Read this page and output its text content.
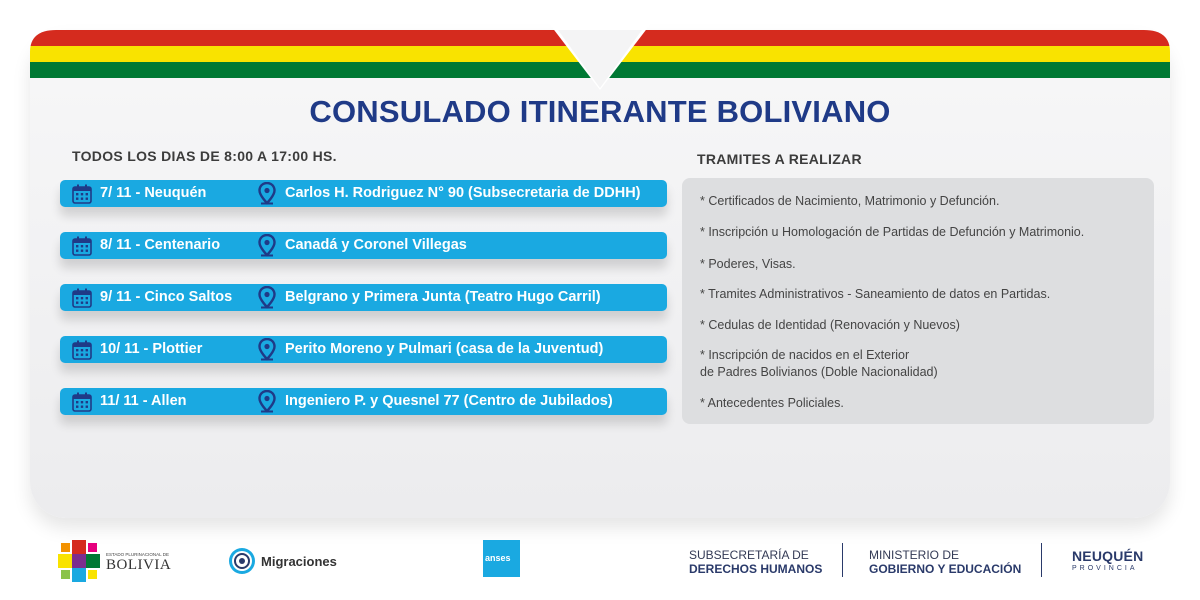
CONSULADO ITINERANTE BOLIVIANO
TODOS LOS DIAS DE 8:00 A 17:00 HS.	TRAMITES A REALIZAR
7/ 11 - Neuquén	Carlos H. Rodriguez N° 90 (Subsecretaria de DDHH)
8/ 11 - Centenario	Canadá y Coronel Villegas
9/ 11 - Cinco Saltos	Belgrano y Primera Junta (Teatro Hugo Carril)
10/ 11 - Plottier	Perito Moreno y Pulmari (casa de la Juventud)
11/ 11 - Allen	Ingeniero P. y Quesnel 77 (Centro de Jubilados)
* Certificados de Nacimiento, Matrimonio y Defunción.
* Inscripción u Homologación de Partidas de Defunción y Matrimonio.
* Poderes, Visas.
* Tramites Administrativos - Saneamiento de datos en Partidas.
* Cedulas de Identidad (Renovación y Nuevos)
* Inscripción de nacidos en el Exterior
de Padres Bolivianos (Doble Nacionalidad)
* Antecedentes Policiales.
ESTADO PLURINACIONAL DE
BOLIVIA	Migraciones	anses	SUBSECRETARÍA DE
DERECHOS HUMANOS
MINISTERIO DE
GOBIERNO Y EDUCACIÓN
NEUQUÉN
PROVINCIA
